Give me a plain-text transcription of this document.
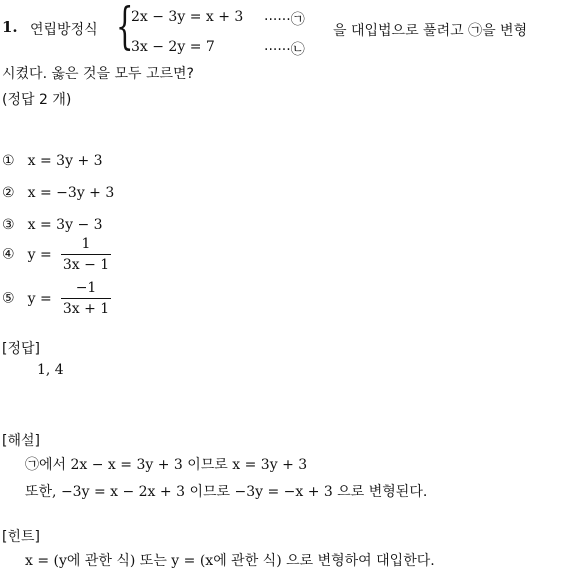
1. 연립방정식 {
2x − 3y = x + 3 ······㉠
3x − 2y = 7	······㉡
을 대입법으로 풀려고 ㉠을 변형
시켰다. 옳은 것을 모두 고르면?
(정답 2 개)
① x = 3y + 3
② x = −3y + 3
③ x = 3y − 3
④ $y = \frac{1}{3x - 1}$
⑤ $y = \frac{-1}{3x + 1}$
[정답]
1, 4
[해설]
㉠에서 2x − x = 3y + 3 이므로 x = 3y + 3
또한, −3y = x − 2x + 3 이므로 −3y = −x + 3 으로 변형된다.
[힌트]
x = (y에 관한 식) 또는 y = (x에 관한 식) 으로 변형하여 대입한다.
